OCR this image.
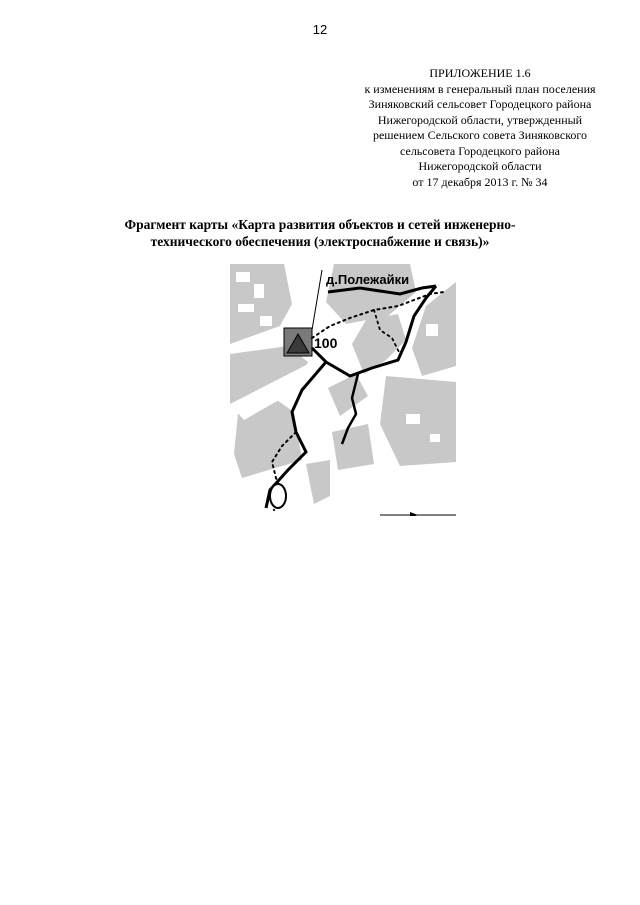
12
ПРИЛОЖЕНИЕ 1.6
к изменениям в генеральный план поселения
Зиняковский сельсовет Городецкого района
Нижегородской области, утвержденный
решением Сельского совета Зиняковского
сельсовета Городецкого района
Нижегородской области
от 17 декабря 2013 г. № 34
Фрагмент карты «Карта развития объектов и сетей инженерно-
технического обеспечения (электроснабжение и связь)»
д.Полежайки
100
